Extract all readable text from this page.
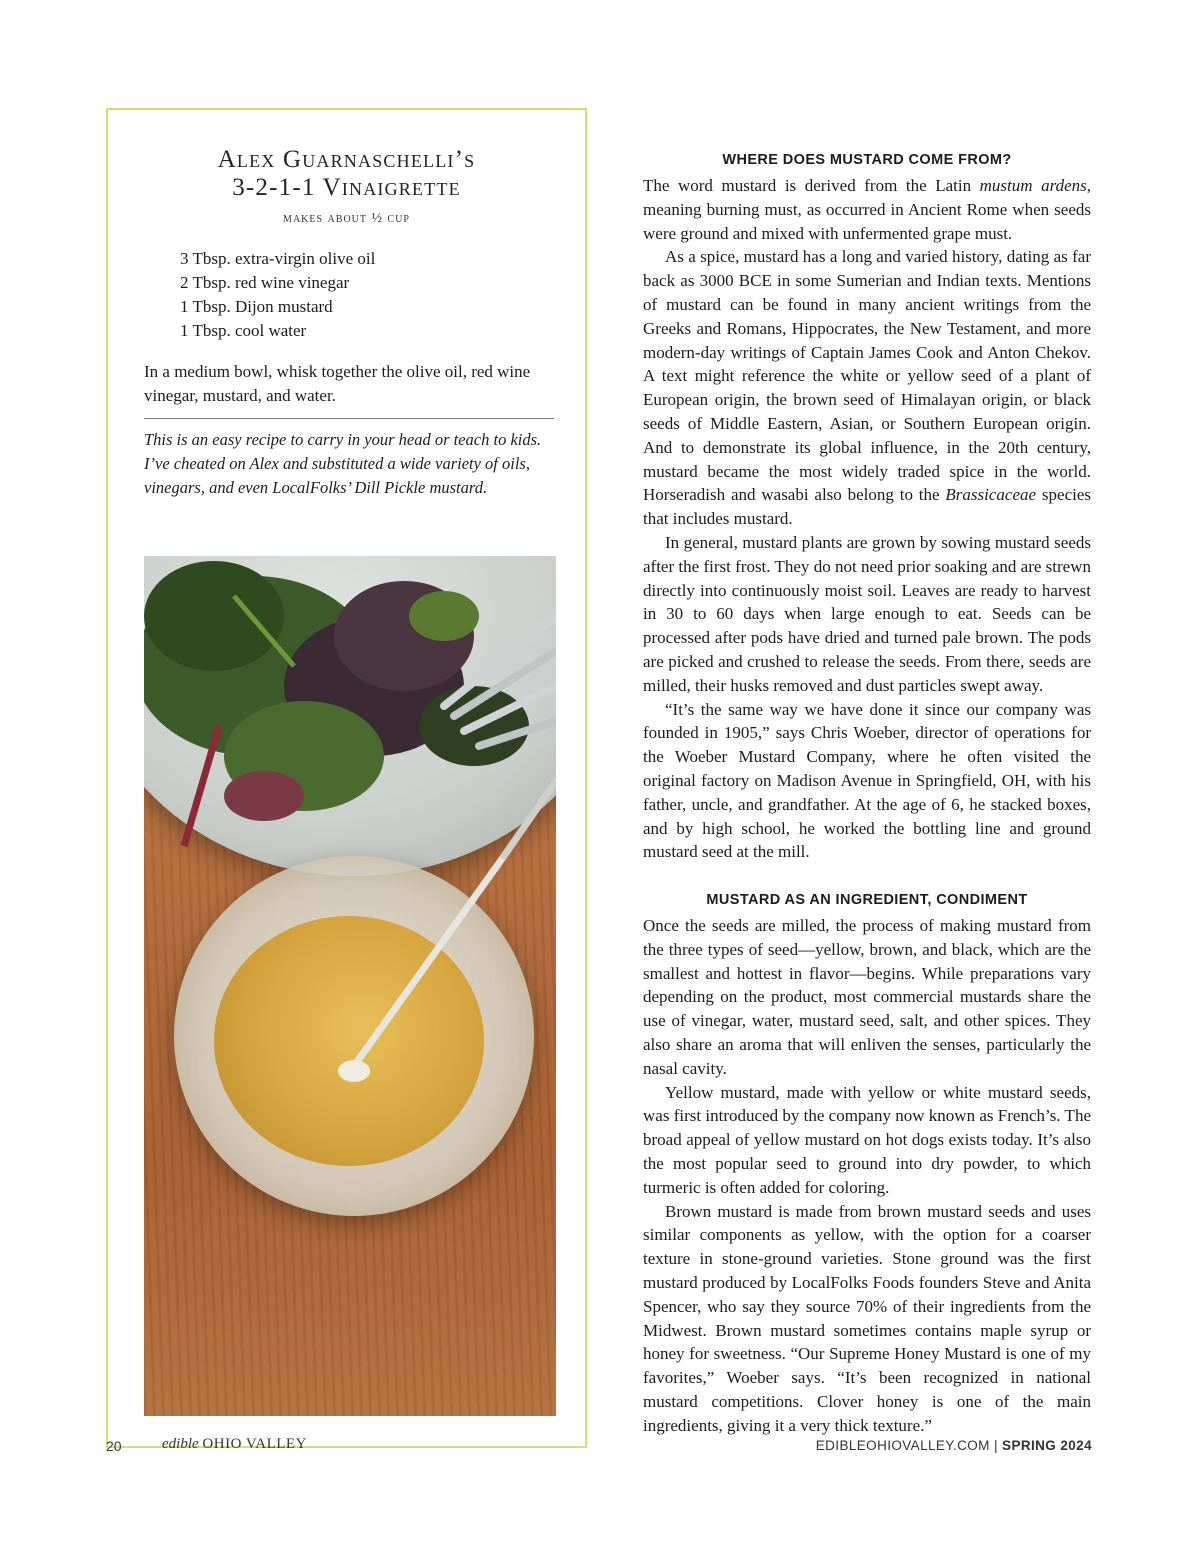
Alex Guarnaschelli’s
3-2-1-1 Vinaigrette
makes about ½ cup
3 Tbsp. extra-virgin olive oil
2 Tbsp. red wine vinegar
1 Tbsp. Dijon mustard
1 Tbsp. cool water

In a medium bowl, whisk together the olive oil, red wine vinegar, mustard, and water.

This is an easy recipe to carry in your head or teach to kids. I’ve cheated on Alex and substituted a wide variety of oils, vinegars, and even LocalFolks’ Dill Pickle mustard.

WHERE DOES MUSTARD COME FROM?

The word mustard is derived from the Latin mustum ardens, meaning burning must, as occurred in Ancient Rome when seeds were ground and mixed with unfermented grape must.

As a spice, mustard has a long and varied history, dating as far back as 3000 BCE in some Sumerian and Indian texts. Mentions of mustard can be found in many ancient writings from the Greeks and Romans, Hippocrates, the New Testament, and more modern-day writings of Captain James Cook and Anton Chekov. A text might reference the white or yellow seed of a plant of European origin, the brown seed of Himalayan origin, or black seeds of Middle Eastern, Asian, or Southern European origin. And to demonstrate its global influence, in the 20th century, mustard became the most widely traded spice in the world. Horseradish and wasabi also belong to the Brassicaceae species that includes mustard.

In general, mustard plants are grown by sowing mustard seeds after the first frost. They do not need prior soaking and are strewn directly into continuously moist soil. Leaves are ready to harvest in 30 to 60 days when large enough to eat. Seeds can be processed after pods have dried and turned pale brown. The pods are picked and crushed to release the seeds. From there, seeds are milled, their husks removed and dust particles swept away.

“It’s the same way we have done it since our company was founded in 1905,” says Chris Woeber, director of operations for the Woeber Mustard Company, where he often visited the original factory on Madison Avenue in Springfield, OH, with his father, uncle, and grandfather. At the age of 6, he stacked boxes, and by high school, he worked the bottling line and ground mustard seed at the mill.

MUSTARD AS AN INGREDIENT, CONDIMENT

Once the seeds are milled, the process of making mustard from the three types of seed—yellow, brown, and black, which are the smallest and hottest in flavor—begins. While preparations vary depending on the product, most commercial mustards share the use of vinegar, water, mustard seed, salt, and other spices. They also share an aroma that will enliven the senses, particularly the nasal cavity.

Yellow mustard, made with yellow or white mustard seeds, was first introduced by the company now known as French’s. The broad appeal of yellow mustard on hot dogs exists today. It’s also the most popular seed to ground into dry powder, to which turmeric is often added for coloring.

Brown mustard is made from brown mustard seeds and uses similar components as yellow, with the option for a coarser texture in stone-ground varieties. Stone ground was the first mustard produced by LocalFolks Foods founders Steve and Anita Spencer, who say they source 70% of their ingredients from the Midwest. Brown mustard sometimes contains maple syrup or honey for sweetness. “Our Supreme Honey Mustard is one of my favorites,” Woeber says. “It’s been recognized in national mustard competitions. Clover honey is one of the main ingredients, giving it a very thick texture.”

20	edible OHIO VALLEY	EDIBLEOHIOVALLEY.COM | SPRING 2024
